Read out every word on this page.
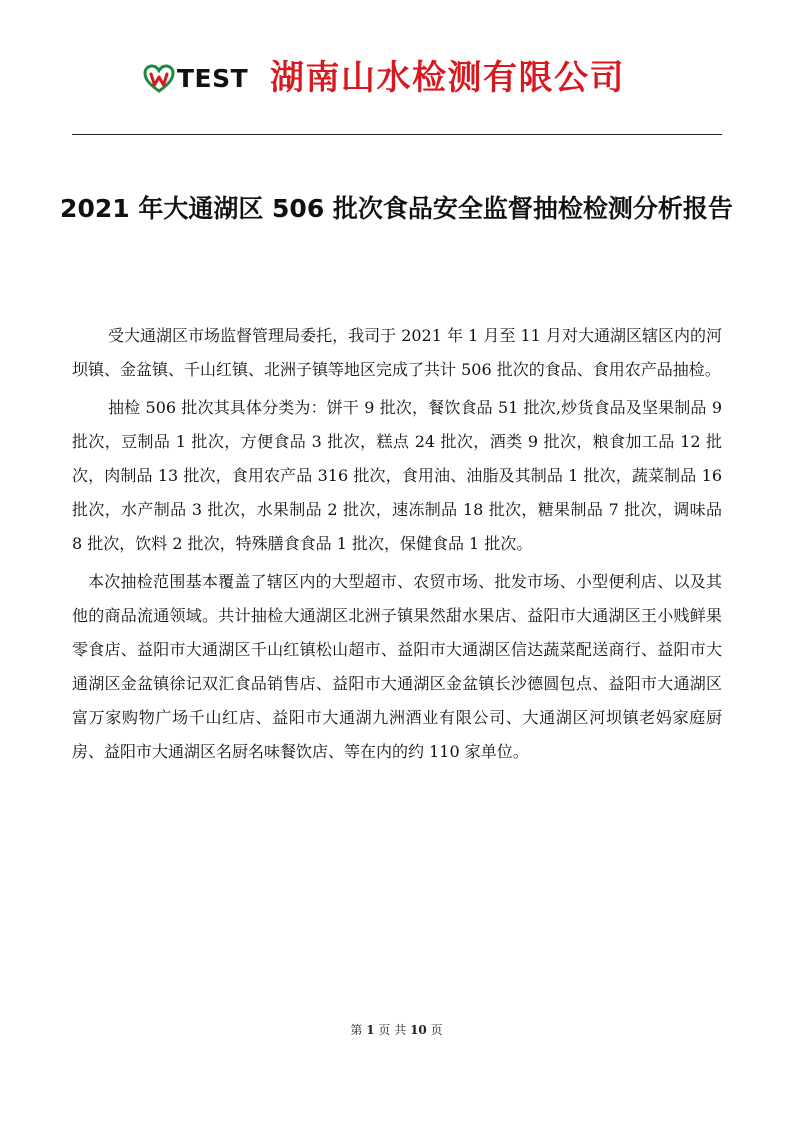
TEST 湖南山水检测有限公司
2021 年大通湖区 506 批次食品安全监督抽检检测分析报告

受大通湖区市场监督管理局委托，我司于 2021 年 1 月至 11 月对大通湖区辖区内的河坝镇、金盆镇、千山红镇、北洲子镇等地区完成了共计 506 批次的食品、食用农产品抽检。

抽检 506 批次其具体分类为：饼干 9 批次，餐饮食品 51 批次,炒货食品及坚果制品 9 批次，豆制品 1 批次，方便食品 3 批次，糕点 24 批次，酒类 9 批次，粮食加工品 12 批次，肉制品 13 批次，食用农产品 316 批次，食用油、油脂及其制品 1 批次，蔬菜制品 16 批次，水产制品 3 批次，水果制品 2 批次，速冻制品 18 批次，糖果制品 7 批次，调味品 8 批次，饮料 2 批次，特殊膳食食品 1 批次，保健食品 1 批次。

本次抽检范围基本覆盖了辖区内的大型超市、农贸市场、批发市场、小型便利店、以及其他的商品流通领域。共计抽检大通湖区北洲子镇果然甜水果店、益阳市大通湖区王小贱鲜果零食店、益阳市大通湖区千山红镇松山超市、益阳市大通湖区信达蔬菜配送商行、益阳市大通湖区金盆镇徐记双汇食品销售店、益阳市大通湖区金盆镇长沙德圆包点、益阳市大通湖区富万家购物广场千山红店、益阳市大通湖九洲酒业有限公司、大通湖区河坝镇老妈家庭厨房、益阳市大通湖区名厨名味餐饮店、等在内的约 110 家单位。

第 1 页 共 10 页
